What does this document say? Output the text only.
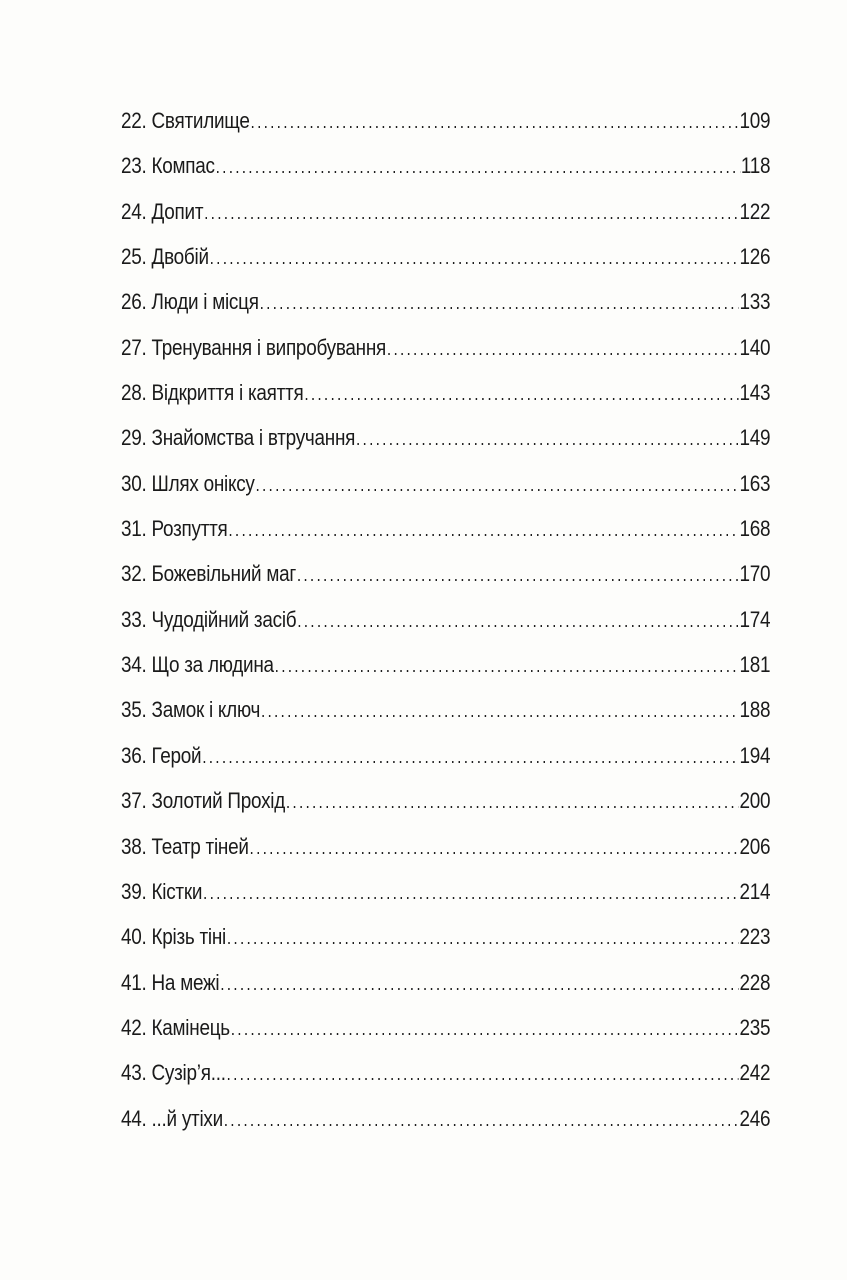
22. Святилище .....	109
23. Компас .....	118
24. Допит .....	122
25. Двобій .....	126
26. Люди і місця .....	133
27. Тренування і випробування .....	140
28. Відкриття і каяття .....	143
29. Знайомства і втручання .....	149
30. Шлях оніксу .....	163
31. Розпуття .....	168
32. Божевільний маг .....	170
33. Чудодійний засіб .....	174
34. Що за людина .....	181
35. Замок і ключ .....	188
36. Герой .....	194
37. Золотий Прохід .....	200
38. Театр тіней .....	206
39. Кістки .....	214
40. Крізь тіні .....	223
41. На межі .....	228
42. Камінець .....	235
43. Сузір’я... .....	242
44. ...й утіхи .....	246
